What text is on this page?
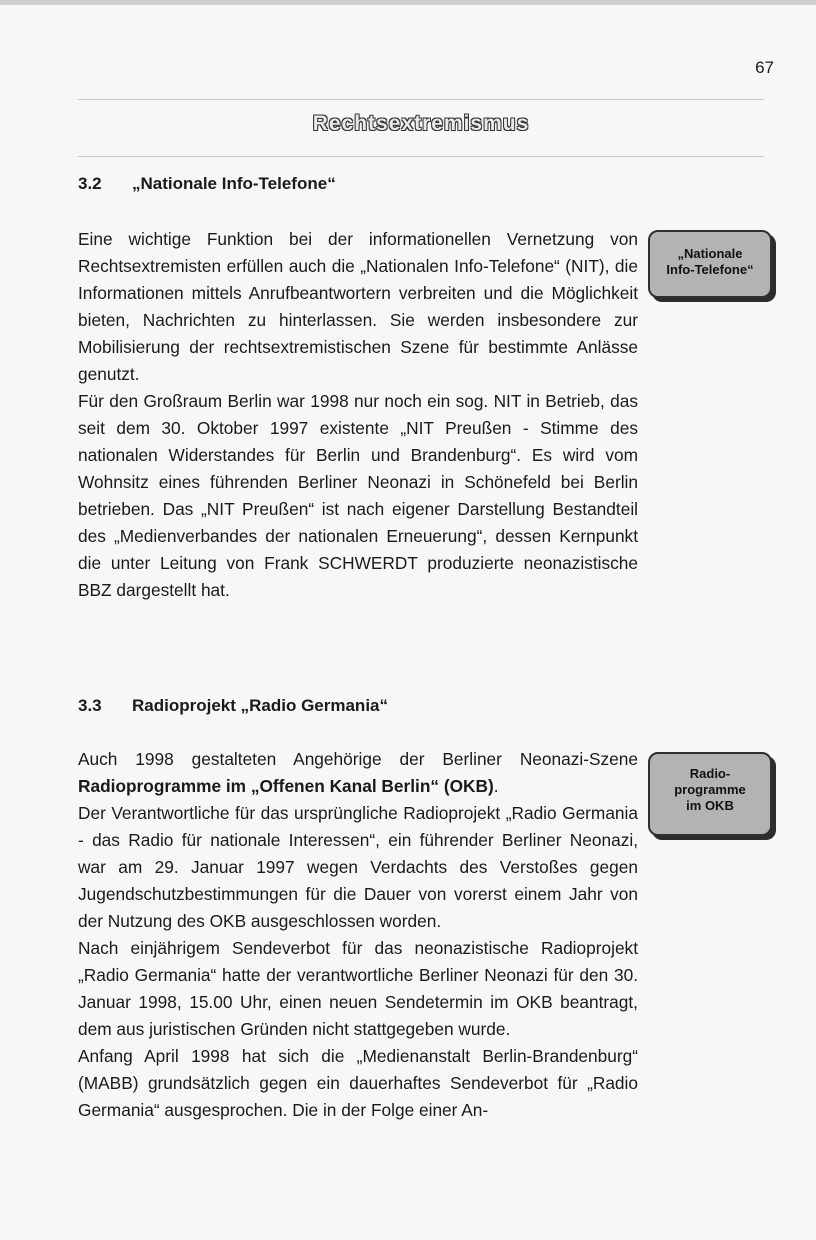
67
Rechtsextremismus
3.2 „Nationale Info-Telefone“

Eine wichtige Funktion bei der informationellen Vernetzung von Rechtsextremisten erfüllen auch die „Nationalen Info-Telefone“ (NIT), die Informationen mittels Anrufbeantwortern verbreiten und die Möglichkeit bieten, Nachrichten zu hinterlassen. Sie werden insbesondere zur Mobilisierung der rechtsextremistischen Szene für bestimmte Anlässe genutzt.

Für den Großraum Berlin war 1998 nur noch ein sog. NIT in Betrieb, das seit dem 30. Oktober 1997 existente „NIT Preußen - Stimme des nationalen Widerstandes für Berlin und Brandenburg“. Es wird vom Wohnsitz eines führenden Berliner Neonazi in Schönefeld bei Berlin betrieben. Das „NIT Preußen“ ist nach eigener Darstellung Bestandteil des „Medienverbandes der nationalen Erneuerung“, dessen Kernpunkt die unter Leitung von Frank SCHWERDT produzierte neonazistische BBZ dargestellt hat.

„Nationale
Info-Telefone“
3.3 Radioprojekt „Radio Germania“

Auch 1998 gestalteten Angehörige der Berliner Neonazi-Szene Radioprogramme im „Offenen Kanal Berlin“ (OKB).

Der Verantwortliche für das ursprüngliche Radioprojekt „Radio Germania - das Radio für nationale Interessen“, ein führender Berliner Neonazi, war am 29. Januar 1997 wegen Verdachts des Verstoßes gegen Jugendschutzbestimmungen für die Dauer von vorerst einem Jahr von der Nutzung des OKB ausgeschlossen worden.

Nach einjährigem Sendeverbot für das neonazistische Radioprojekt „Radio Germania“ hatte der verantwortliche Berliner Neonazi für den 30. Januar 1998, 15.00 Uhr, einen neuen Sendetermin im OKB beantragt, dem aus juristischen Gründen nicht stattgegeben wurde.

Anfang April 1998 hat sich die „Medienanstalt Berlin-Brandenburg“ (MABB) grundsätzlich gegen ein dauerhaftes Sendeverbot für „Radio Germania“ ausgesprochen. Die in der Folge einer An-

Radio-
programme
im OKB
